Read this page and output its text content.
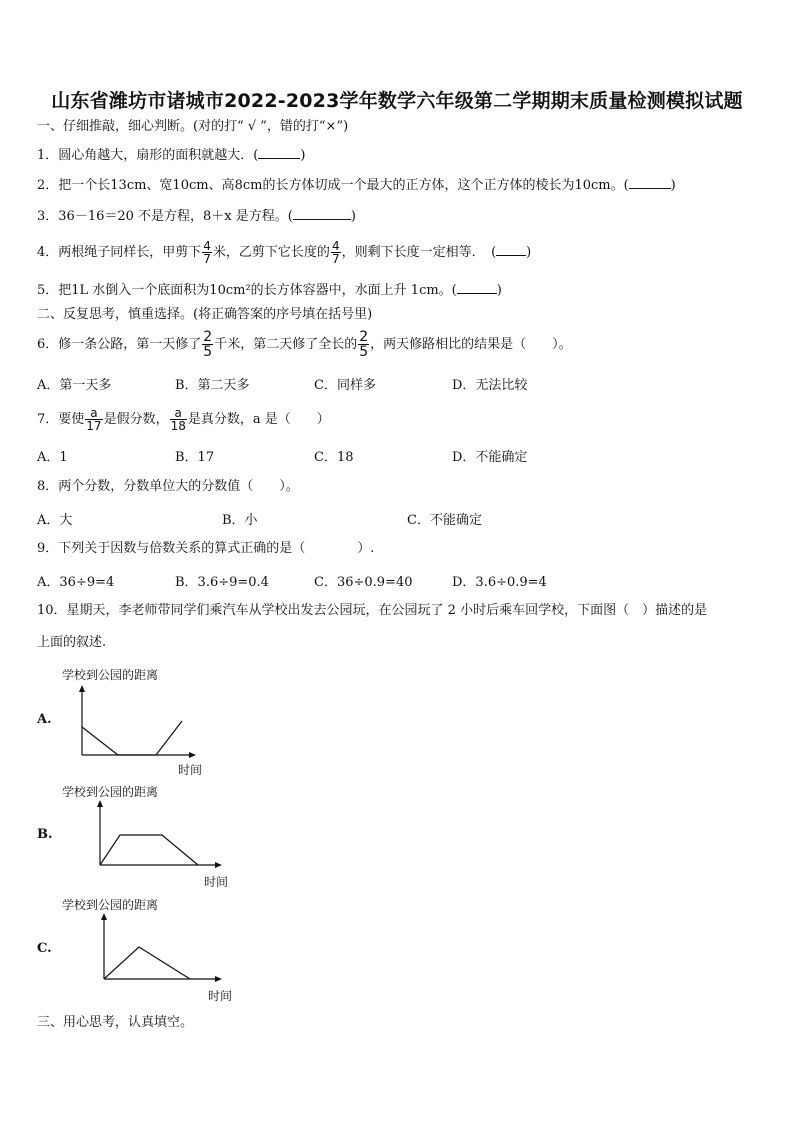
山东省潍坊市诸城市2022-2023学年数学六年级第二学期期末质量检测模拟试题
一、仔细推敲，细心判断。(对的打“ √ ”，错的打“×”)
1．圆心角越大，扇形的面积就越大．(	)
2．把一个长13cm、宽10cm、高8cm的长方体切成一个最大的正方体，这个正方体的棱长为10cm。(	)
3．36－16＝20 不是方程，8＋x 是方程。(	)
4．两根绳子同样长，甲剪下 $\frac{4}{7}$ 米，乙剪下它长度的 $\frac{4}{7}$ ，则剩下长度一定相等．　( )
5．把1L 水倒入一个底面积为10cm²的长方体容器中，水面上升 1cm。(	)
二、反复思考，慎重选择。(将正确答案的序号填在括号里)
6．修一条公路，第一天修了 $\frac{2}{5}$ 千米，第二天修了全长的 $\frac{2}{5}$ ，两天修路相比的结果是（　　）。
A．第一天多	B．第二天多	C．同样多	D．无法比较
7．要使 $\frac{a}{17}$ 是假分数， $\frac{a}{18}$ 是真分数，a 是（　　）
A．1	B．17	C．18	D．不能确定
8．两个分数，分数单位大的分数值（　　）。
A．大	B．小	C．不能确定
9．下列关于因数与倍数关系的算式正确的是（　　　　）.
A．36÷9=4	B．3.6÷9=0.4	C．36÷0.9=40	D．3.6÷0.9=4
10．星期天，李老师带同学们乘汽车从学校出发去公园玩，在公园玩了 2 小时后乘车回学校，下面图（　）描述的是
上面的叙述.
学校到公园的距离
A.
时间
学校到公园的距离
B.
时间
学校到公园的距离
C.
时间
三、用心思考，认真填空。
